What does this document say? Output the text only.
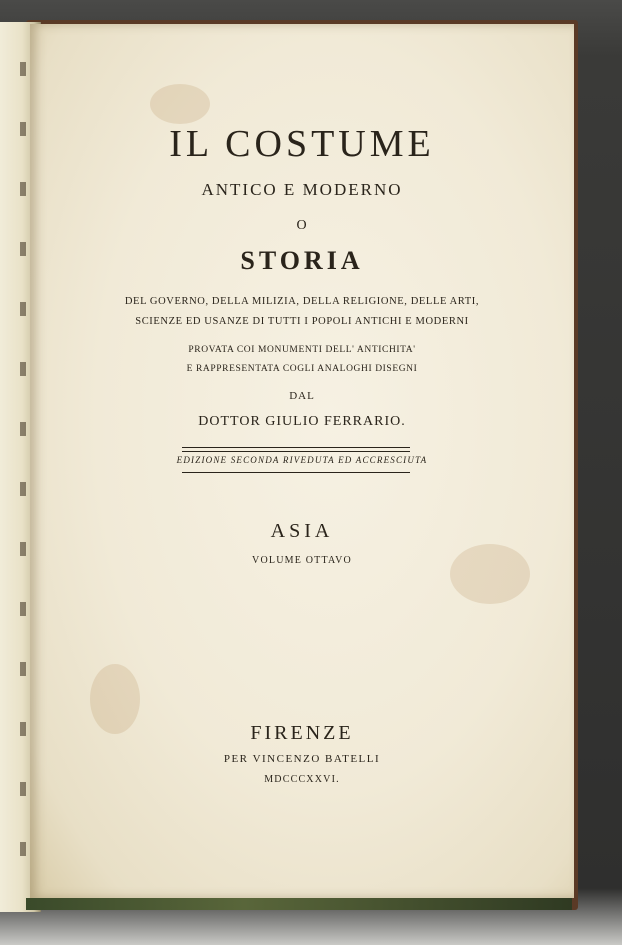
IL COSTUME
ANTICO E MODERNO
O
STORIA
DEL GOVERNO, DELLA MILIZIA, DELLA RELIGIONE, DELLE ARTI,
SCIENZE ED USANZE DI TUTTI I POPOLI ANTICHI E MODERNI
PROVATA COI MONUMENTI DELL' ANTICHITA'
E RAPPRESENTATA COGLI ANALOGHI DISEGNI
DAL
DOTTOR GIULIO FERRARIO.
EDIZIONE SECONDA RIVEDUTA ED ACCRESCIUTA
ASIA
VOLUME OTTAVO
FIRENZE
PER VINCENZO BATELLI
MDCCCXXVI.
